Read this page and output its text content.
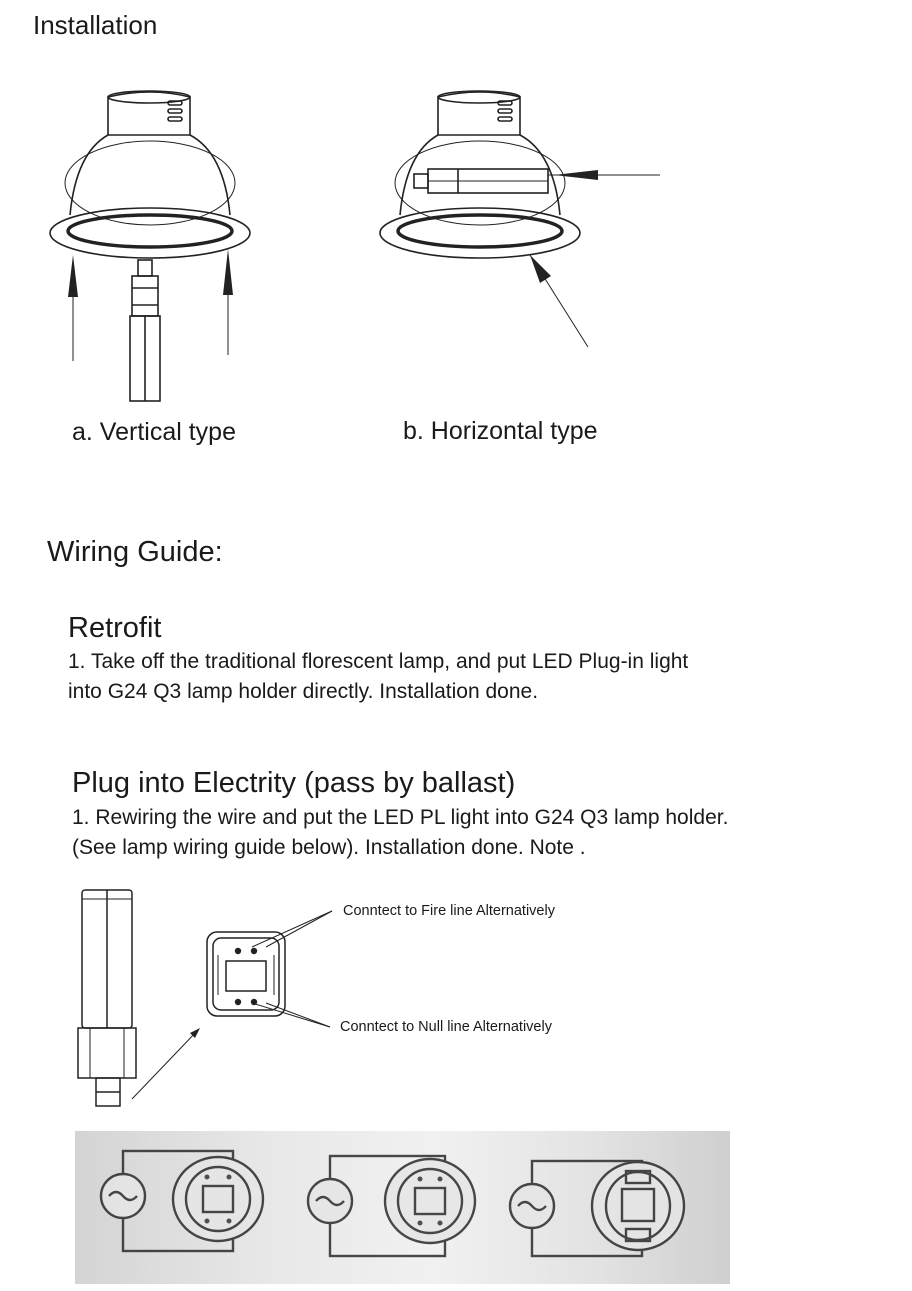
Installation
a. Vertical type	b. Horizontal type
Wiring Guide:
Retrofit
1. Take off the traditional florescent lamp, and put LED Plug-in light
into G24 Q3 lamp holder directly. Installation done.
Plug into Electrity (pass by ballast)
1. Rewiring the wire and put the LED PL light into G24 Q3 lamp holder.
(See lamp wiring guide below). Installation done. Note .
Conntect to Fire line Alternatively
Conntect to Null line Alternatively
